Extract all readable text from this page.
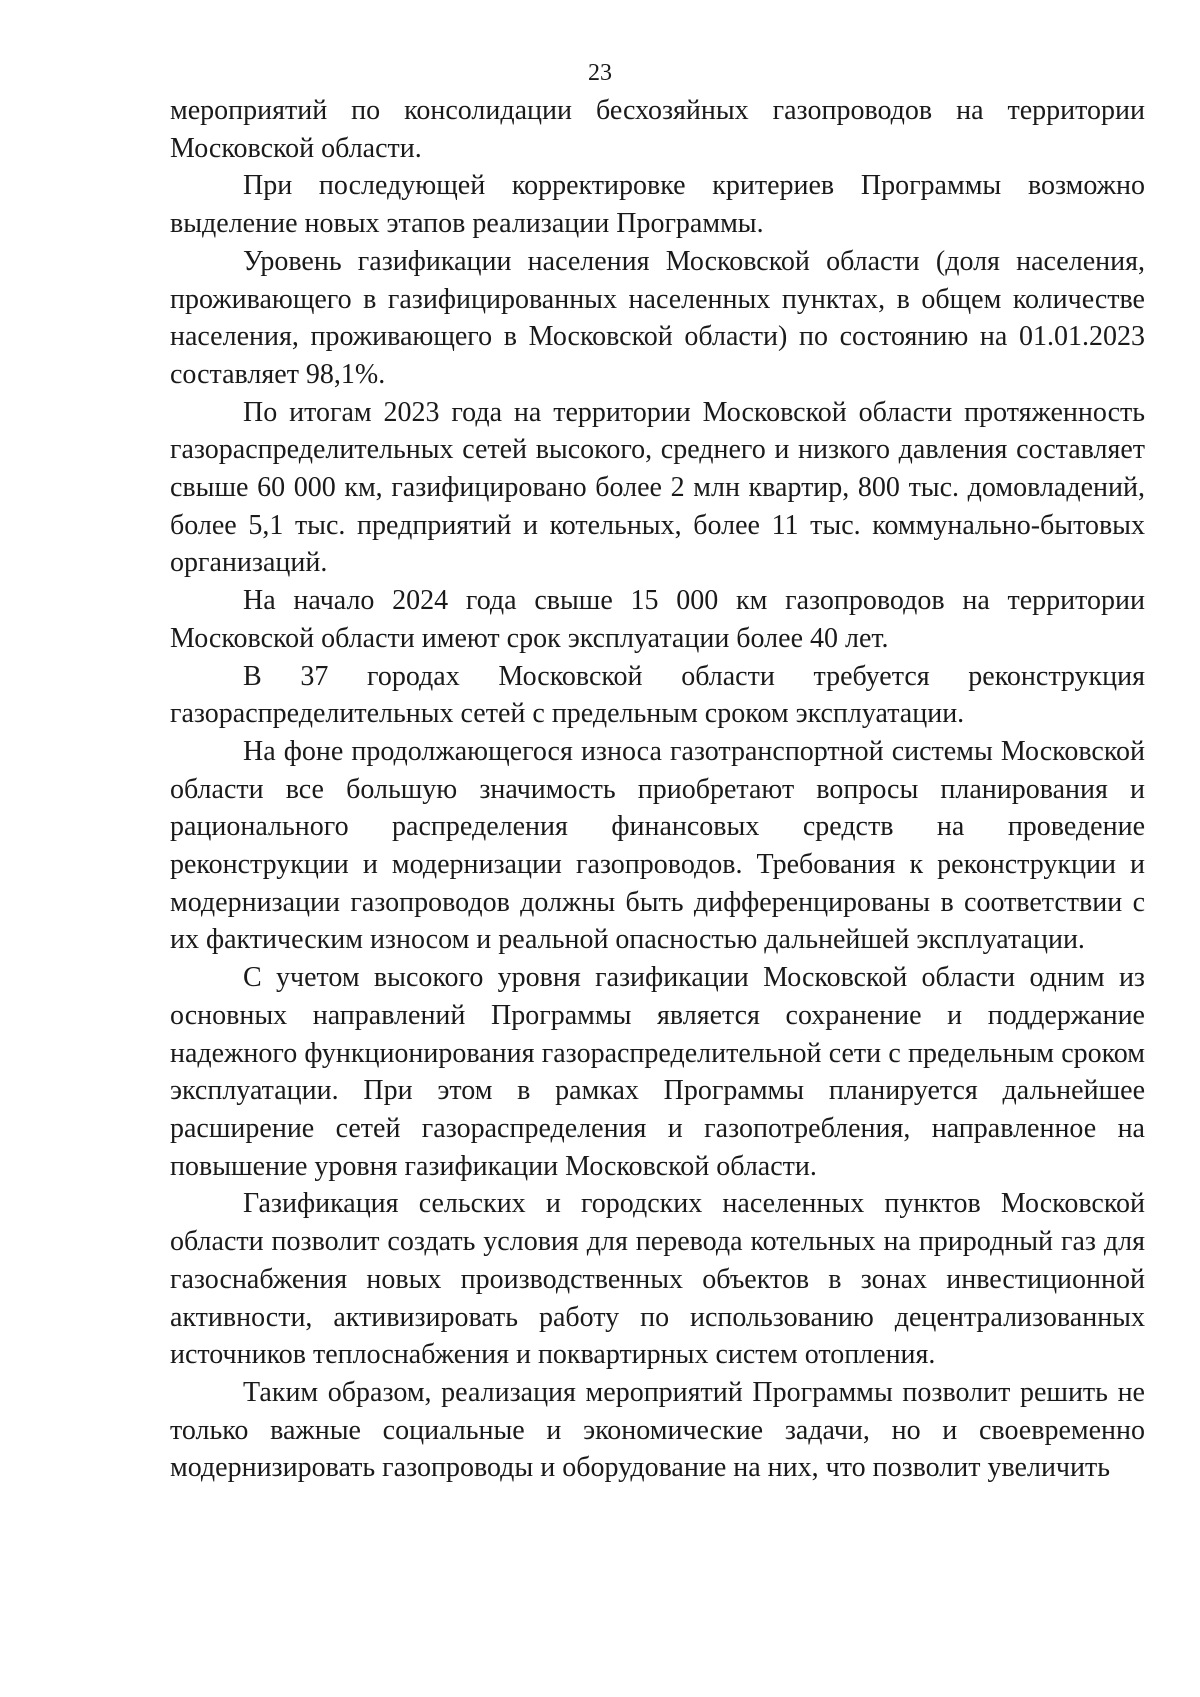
23

мероприятий по консолидации бесхозяйных газопроводов на территории Московской области.

При последующей корректировке критериев Программы возможно выделение новых этапов реализации Программы.

Уровень газификации населения Московской области (доля населения, проживающего в газифицированных населенных пунктах, в общем количестве населения, проживающего в Московской области) по состоянию на 01.01.2023 составляет 98,1%.

По итогам 2023 года на территории Московской области протяженность газораспределительных сетей высокого, среднего и низкого давления составляет свыше 60 000 км, газифицировано более 2 млн квартир, 800 тыс. домовладений, более 5,1 тыс. предприятий и котельных, более 11 тыс. коммунально-бытовых организаций.

На начало 2024 года свыше 15 000 км газопроводов на территории Московской области имеют срок эксплуатации более 40 лет.

В 37 городах Московской области требуется реконструкция газораспределительных сетей с предельным сроком эксплуатации.

На фоне продолжающегося износа газотранспортной системы Московской области все большую значимость приобретают вопросы планирования и рационального распределения финансовых средств на проведение реконструкции и модернизации газопроводов. Требования к реконструкции и модернизации газопроводов должны быть дифференцированы в соответствии с их фактическим износом и реальной опасностью дальнейшей эксплуатации.

С учетом высокого уровня газификации Московской области одним из основных направлений Программы является сохранение и поддержание надежного функционирования газораспределительной сети с предельным сроком эксплуатации. При этом в рамках Программы планируется дальнейшее расширение сетей газораспределения и газопотребления, направленное на повышение уровня газификации Московской области.

Газификация сельских и городских населенных пунктов Московской области позволит создать условия для перевода котельных на природный газ для газоснабжения новых производственных объектов в зонах инвестиционной активности, активизировать работу по использованию децентрализованных источников теплоснабжения и поквартирных систем отопления.

Таким образом, реализация мероприятий Программы позволит решить не только важные социальные и экономические задачи, но и своевременно модернизировать газопроводы и оборудование на них, что позволит увеличить
